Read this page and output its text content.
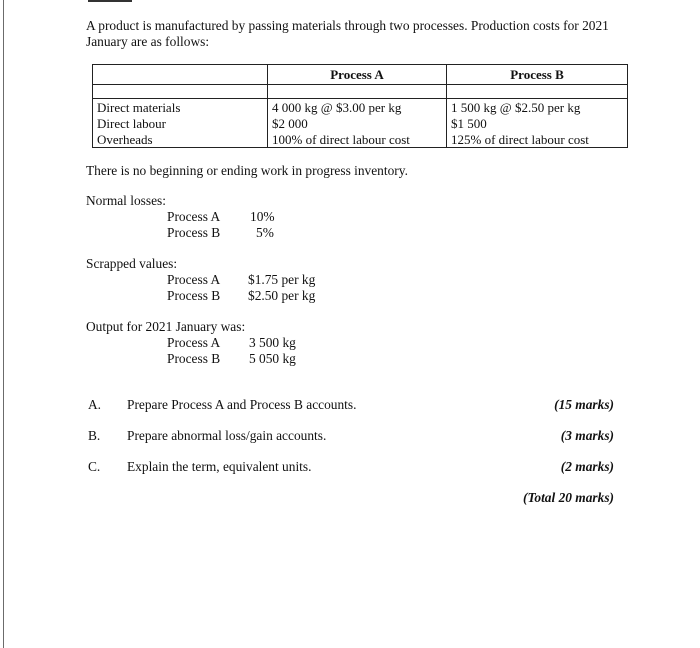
A product is manufactured by passing materials through two processes. Production costs for 2021 January are as follows:
	Process A	Process B

Direct materials	4 000 kg @ $3.00 per kg	1 500 kg @ $2.50 per kg
Direct labour	$2 000	$1 500
Overheads	100% of direct labour cost	125% of direct labour cost
There is no beginning or ending work in progress inventory.
Normal losses:
Process A 10%
Process B	5%
Scrapped values:
Process A $1.75 per kg
Process B $2.50 per kg
Output for 2021 January was:
Process A 3 500 kg
Process B 5 050 kg
A. Prepare Process A and Process B accounts.	(15 marks)
B. Prepare abnormal loss/gain accounts.	(3 marks)
C. Explain the term, equivalent units.	(2 marks)
(Total 20 marks)
